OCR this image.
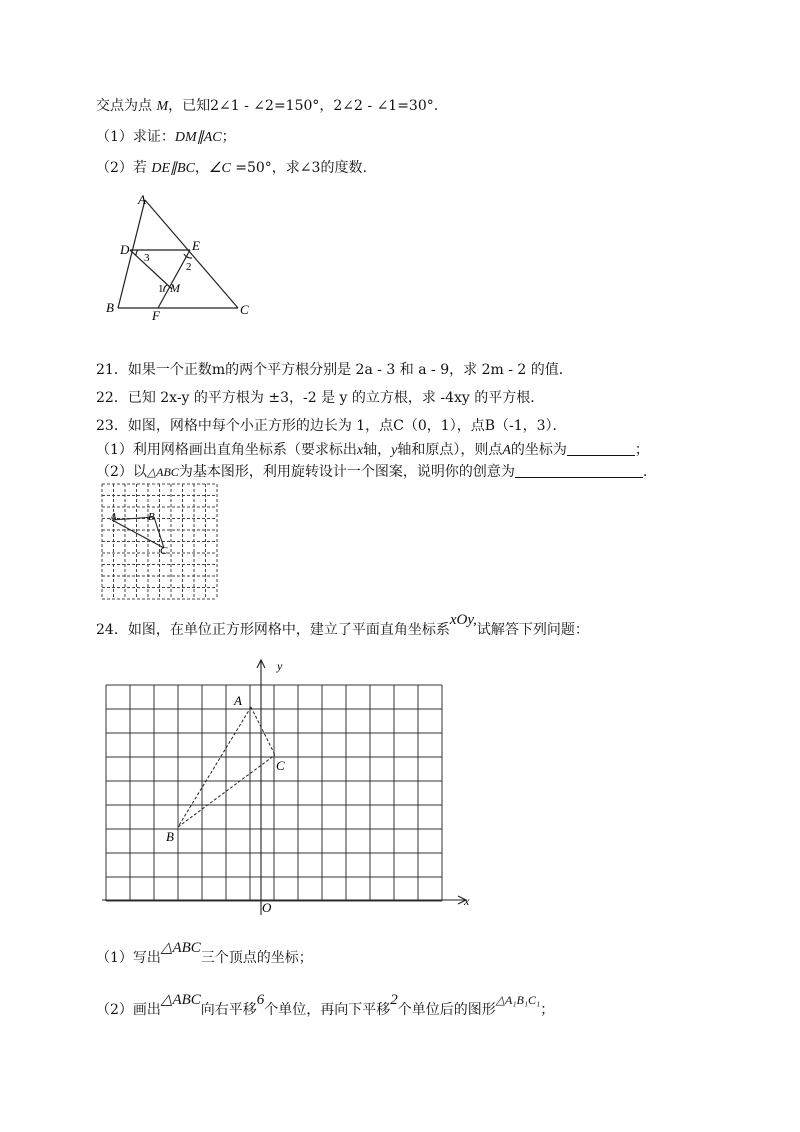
交点为点 M，已知2∠1 - ∠2=150°，2∠2 - ∠1=30°.
（1）求证：DM∥AC；
（2）若 DE∥BC，∠C =50°，求∠3的度数.
A
D	E
B
F	C
M
1
2
3
21．如果一个正数m的两个平方根分别是 2a - 3 和 a - 9，求 2m - 2 的值．
22．已知 2x-y 的平方根为 ±3，-2 是 y 的立方根，求 -4xy 的平方根．
23．如图，网格中每个小正方形的边长为 1，点C（0，1），点B（-1，3）．
（1）利用网格画出直角坐标系（要求标出x轴，y轴和原点），则点A的坐标为	；
（2）以△ABC为基本图形，利用旋转设计一个图案，说明你的创意为	.
A	B
C
24．如图，在单位正方形网格中，建立了平面直角坐标系xOy,试解答下列问题：
A
C
B
O	x
y
（1）写出△ABC三个顶点的坐标；
（2）画出△ABC向右平移6个单位，再向下平移2个单位后的图形△A₁B₁C₁；
